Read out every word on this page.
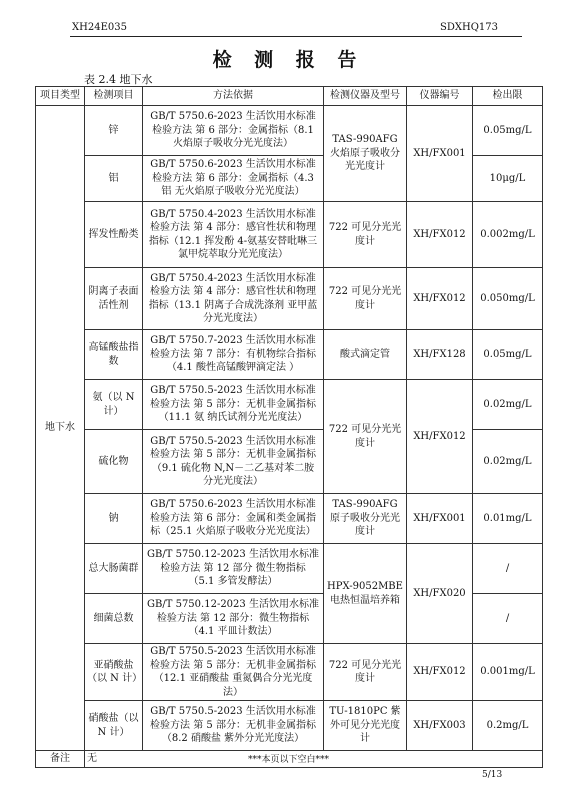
XH24E035	SDXHQ173
检 测 报 告
表 2.4 地下水
项目类型	检测项目	方法依据	检测仪器及型号	仪器编号	检出限
地下水	锌	GB/T 5750.6-2023 生活饮用水标准检验方法 第 6 部分：金属指标（8.1 火焰原子吸收分光光度法）	TAS-990AFG 火焰原子吸收分光光度计	XH/FX001	0.05mg/L
	铝	GB/T 5750.6-2023 生活饮用水标准检验方法 第 6 部分：金属指标（4.3 铝 无火焰原子吸收分光光度法）			10μg/L
	挥发性酚类	GB/T 5750.4-2023 生活饮用水标准检验方法 第 4 部分：感官性状和物理指标（12.1 挥发酚 4-氨基安替吡啉三氯甲烷萃取分光光度法）	722 可见分光光度计	XH/FX012	0.002mg/L
	阴离子表面活性剂	GB/T 5750.4-2023 生活饮用水标准检验方法 第 4 部分：感官性状和物理指标（13.1 阴离子合成洗涤剂 亚甲蓝分光光度法）	722 可见分光光度计	XH/FX012	0.050mg/L
	高锰酸盐指数	GB/T 5750.7-2023 生活饮用水标准检验方法 第 7 部分：有机物综合指标（4.1 酸性高锰酸钾滴定法 ）	酸式滴定管	XH/FX128	0.05mg/L
	氨（以 N 计）	GB/T 5750.5-2023 生活饮用水标准检验方法 第 5 部分：无机非金属指标（11.1 氨 纳氏试剂分光光度法）	722 可见分光光度计	XH/FX012	0.02mg/L
	硫化物	GB/T 5750.5-2023 生活饮用水标准检验方法 第 5 部分：无机非金属指标（9.1 硫化物 N,N－二乙基对苯二胺分光光度法）			0.02mg/L
	钠	GB/T 5750.6-2023 生活饮用水标准检验方法 第 6 部分：金属和类金属指标（25.1 火焰原子吸收分光光度法）	TAS-990AFG 原子吸收分光光度计	XH/FX001	0.01mg/L
	总大肠菌群	GB/T 5750.12-2023 生活饮用水标准检验方法 第 12 部分 微生物指标 （5.1 多管发酵法）	HPX-9052MBE 电热恒温培养箱	XH/FX020	/
	细菌总数	GB/T 5750.12-2023 生活饮用水标准检验方法 第 12 部分：微生物指标 （4.1 平皿计数法）			/
	亚硝酸盐（以 N 计）	GB/T 5750.5-2023 生活饮用水标准检验方法 第 5 部分：无机非金属指标（12.1 亚硝酸盐 重氮偶合分光光度法）	722 可见分光光度计	XH/FX012	0.001mg/L
	硝酸盐（以 N 计）	GB/T 5750.5-2023 生活饮用水标准检验方法 第 5 部分：无机非金属指标（8.2 硝酸盐 紫外分光光度法）	TU-1810PC 紫外可见分光光度计	XH/FX003	0.2mg/L
备注	无					***本页以下空白***
5/13
